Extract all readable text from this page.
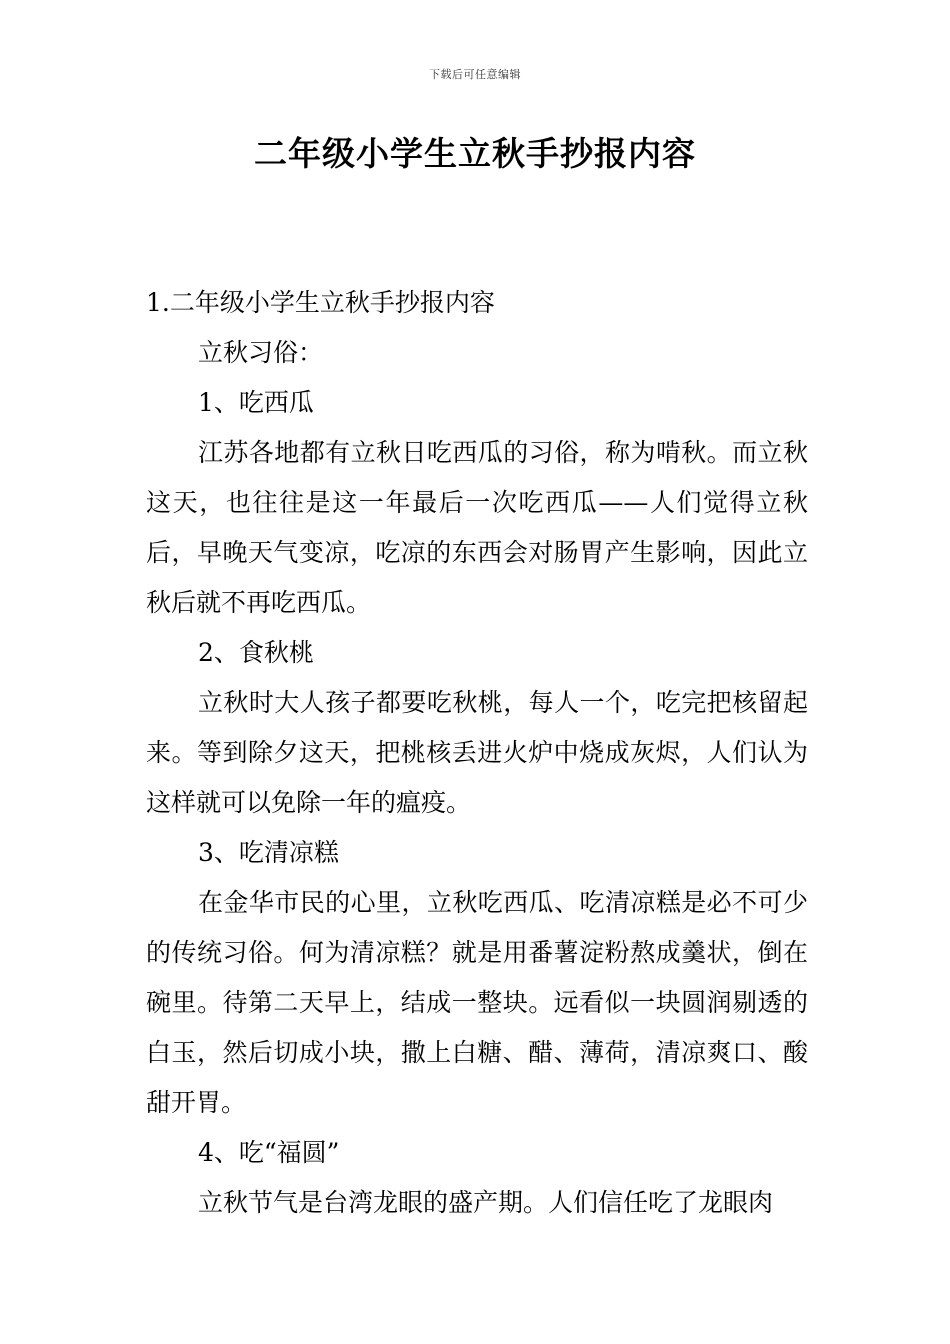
下载后可任意编辑
二年级小学生立秋手抄报内容

1.二年级小学生立秋手抄报内容

立秋习俗：

1、吃西瓜

江苏各地都有立秋日吃西瓜的习俗，称为啃秋。而立秋这天，也往往是这一年最后一次吃西瓜——人们觉得立秋后，早晚天气变凉，吃凉的东西会对肠胃产生影响，因此立秋后就不再吃西瓜。

2、食秋桃

立秋时大人孩子都要吃秋桃，每人一个，吃完把核留起来。等到除夕这天，把桃核丢进火炉中烧成灰烬，人们认为这样就可以免除一年的瘟疫。

3、吃清凉糕

在金华市民的心里，立秋吃西瓜、吃清凉糕是必不可少的传统习俗。何为清凉糕？就是用番薯淀粉熬成羹状，倒在碗里。待第二天早上，结成一整块。远看似一块圆润剔透的白玉，然后切成小块，撒上白糖、醋、薄荷，清凉爽口、酸甜开胃。

4、吃“福圆”

立秋节气是台湾龙眼的盛产期。人们信任吃了龙眼肉
